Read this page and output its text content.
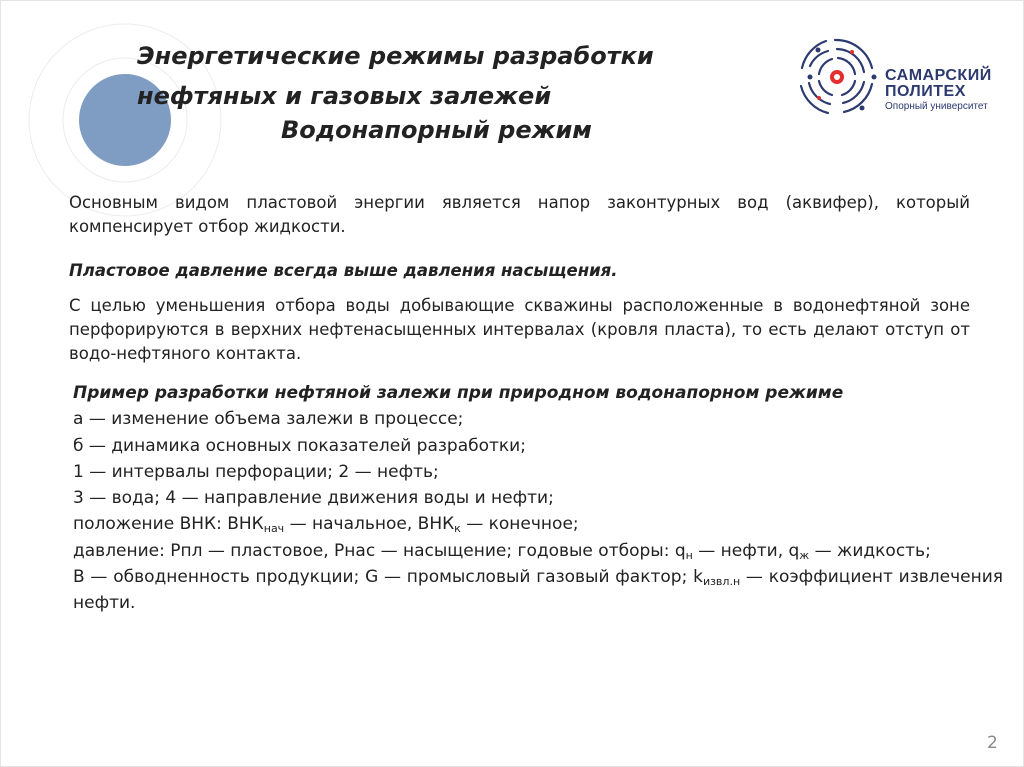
Энергетические режимы разработки
нефтяных и газовых залежей
Водонапорный режим
САМАРСКИЙ
ПОЛИТЕХ
Опорный университет
Основным видом пластовой энергии является напор законтурных вод (аквифер), который компенсирует отбор жидкости.
Пластовое давление всегда выше давления насыщения.
С целью уменьшения отбора воды добывающие скважины расположенные в водонефтяной зоне перфорируются в верхних нефтенасыщенных интервалах (кровля пласта), то есть делают отступ от водо-нефтяного контакта.
Пример разработки нефтяной залежи при природном водонапорном режиме
а — изменение объема залежи в процессе;
б — динамика основных показателей разработки;
1 — интервалы перфорации; 2 — нефть;
3 — вода; 4 — направление движения воды и нефти;
положение ВНК: $ВНК_{нач}$ — начальное, $ВНК_к$ — конечное;
давление: Pпл — пластовое, Рнас — насыщение; годовые отборы: $q_н$ — нефти, $q_ж$ — жидкость;
B — обводненность продукции; G — промысловый газовый фактор; $k_{извл.н}$ — коэффициент извлечения нефти.
2
